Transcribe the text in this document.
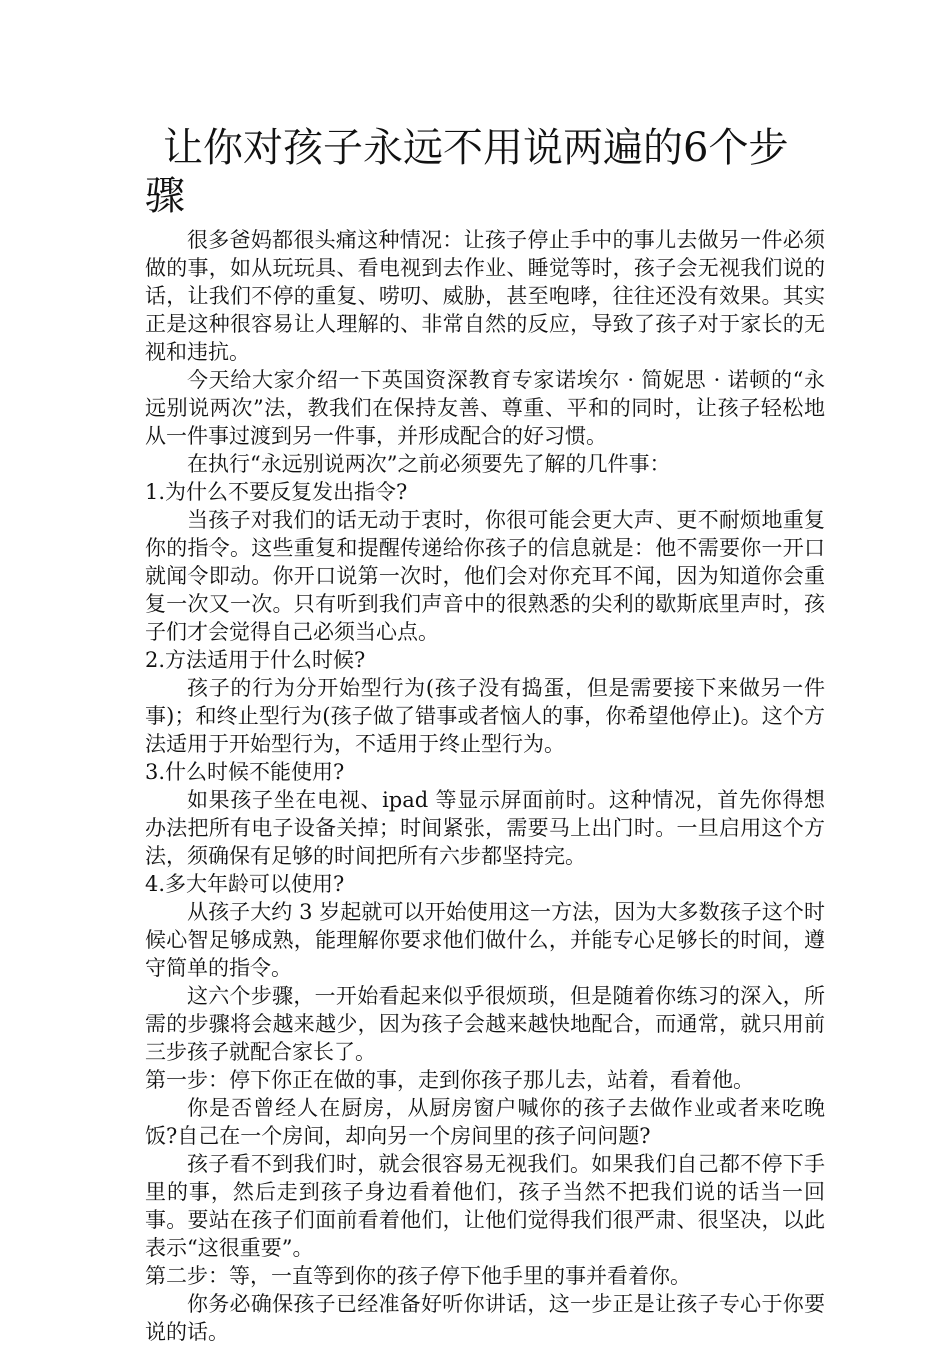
让你对孩子永远不用说两遍的6个步骤

很多爸妈都很头痛这种情况：让孩子停止手中的事儿去做另一件必须做的事，如从玩玩具、看电视到去作业、睡觉等时，孩子会无视我们说的话，让我们不停的重复、唠叨、威胁，甚至咆哮，往往还没有效果。其实正是这种很容易让人理解的、非常自然的反应，导致了孩子对于家长的无视和违抗。

今天给大家介绍一下英国资深教育专家诺埃尔 · 简妮思 · 诺顿的“永远别说两次”法，教我们在保持友善、尊重、平和的同时，让孩子轻松地从一件事过渡到另一件事，并形成配合的好习惯。

在执行“永远别说两次”之前必须要先了解的几件事：

1.为什么不要反复发出指令?

当孩子对我们的话无动于衷时，你很可能会更大声、更不耐烦地重复你的指令。这些重复和提醒传递给你孩子的信息就是：他不需要你一开口就闻令即动。你开口说第一次时，他们会对你充耳不闻，因为知道你会重复一次又一次。只有听到我们声音中的很熟悉的尖利的歇斯底里声时，孩子们才会觉得自己必须当心点。

2.方法适用于什么时候?

孩子的行为分开始型行为(孩子没有捣蛋，但是需要接下来做另一件事)；和终止型行为(孩子做了错事或者恼人的事，你希望他停止)。这个方法适用于开始型行为，不适用于终止型行为。

3.什么时候不能使用?

如果孩子坐在电视、ipad 等显示屏面前时。这种情况，首先你得想办法把所有电子设备关掉；时间紧张，需要马上出门时。一旦启用这个方法，须确保有足够的时间把所有六步都坚持完。

4.多大年龄可以使用?

从孩子大约 3 岁起就可以开始使用这一方法，因为大多数孩子这个时候心智足够成熟，能理解你要求他们做什么，并能专心足够长的时间，遵守简单的指令。

这六个步骤，一开始看起来似乎很烦琐，但是随着你练习的深入，所需的步骤将会越来越少，因为孩子会越来越快地配合，而通常，就只用前三步孩子就配合家长了。

第一步：停下你正在做的事，走到你孩子那儿去，站着，看着他。

你是否曾经人在厨房，从厨房窗户喊你的孩子去做作业或者来吃晚饭?自己在一个房间，却向另一个房间里的孩子问问题?

孩子看不到我们时，就会很容易无视我们。如果我们自己都不停下手里的事，然后走到孩子身边看着他们，孩子当然不把我们说的话当一回事。要站在孩子们面前看着他们，让他们觉得我们很严肃、很坚决，以此表示“这很重要”。

第二步：等，一直等到你的孩子停下他手里的事并看着你。

你务必确保孩子已经准备好听你讲话，这一步正是让孩子专心于你要说的话。
